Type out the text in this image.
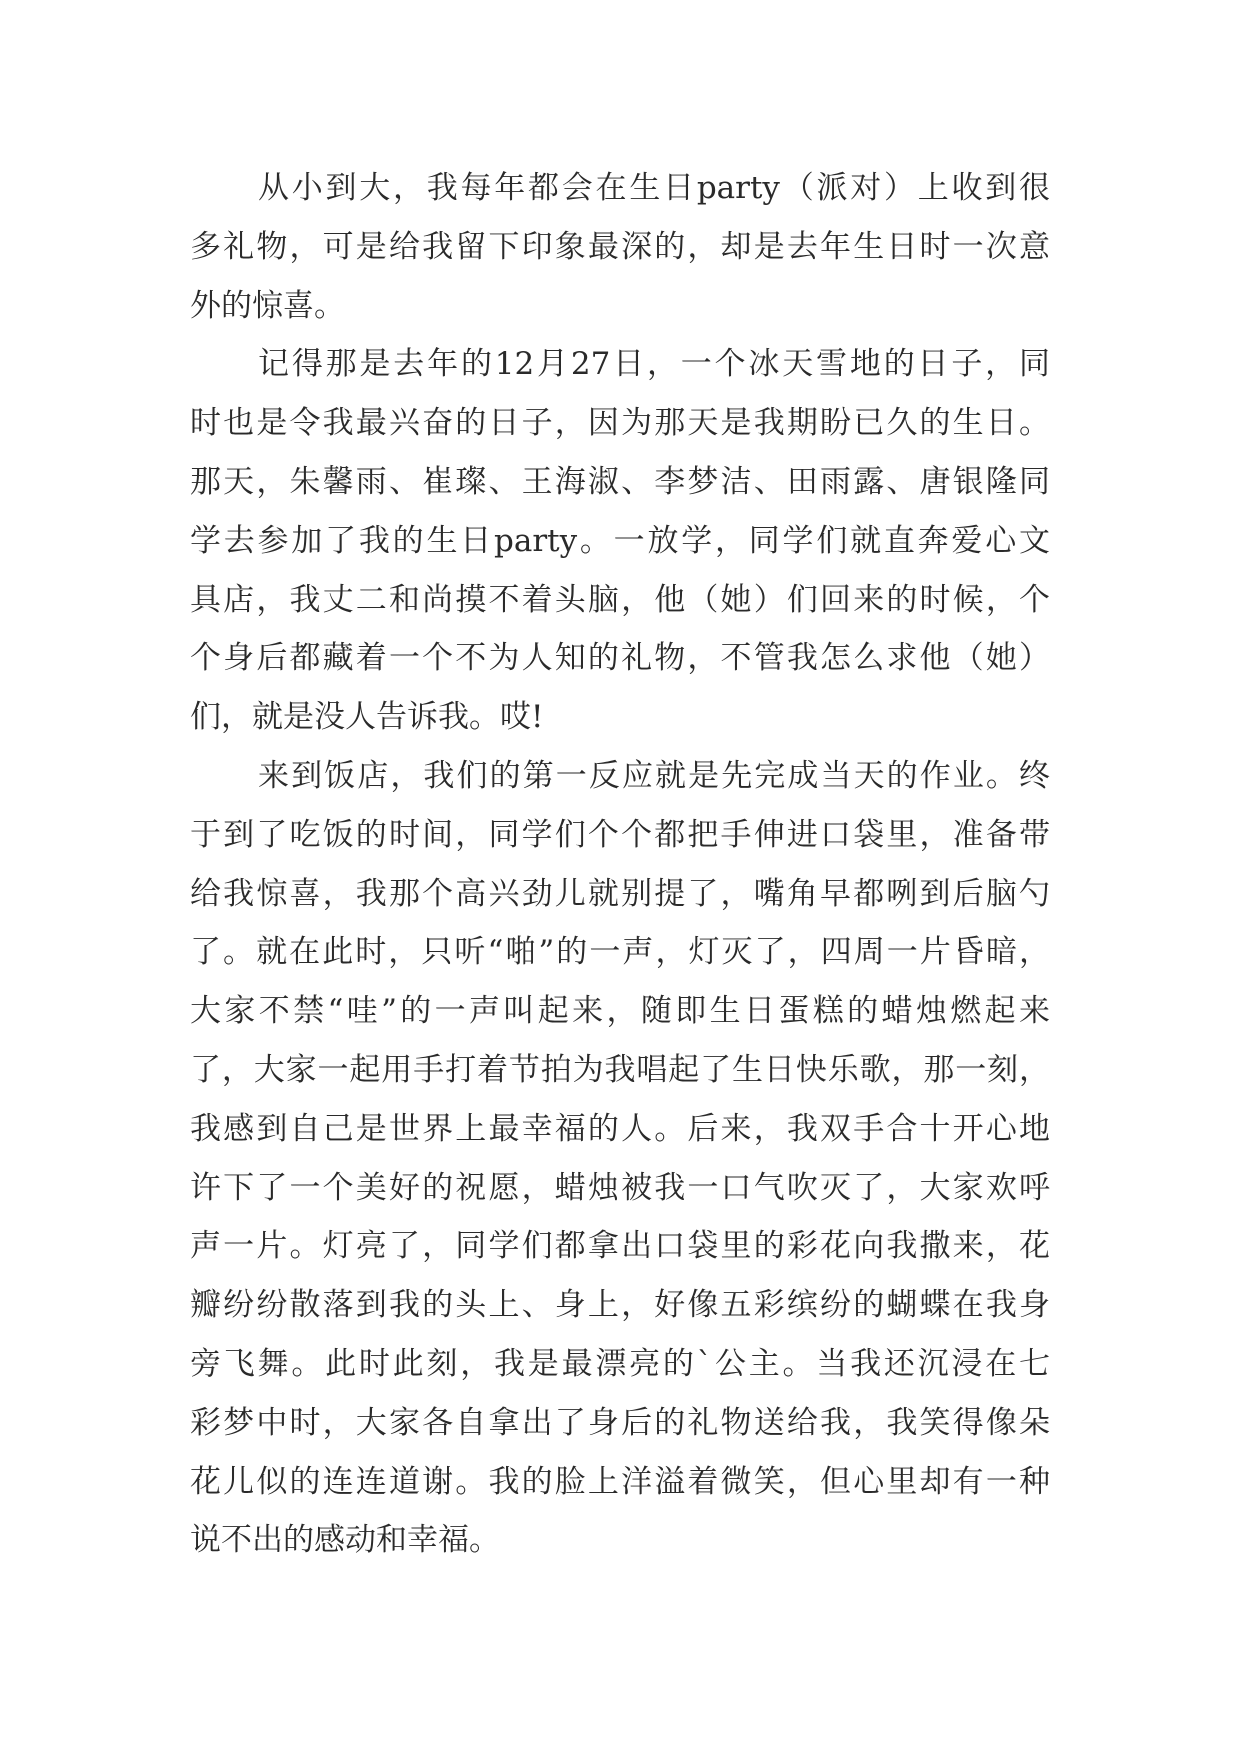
从小到大，我每年都会在生日party（派对）上收到很
多礼物，可是给我留下印象最深的，却是去年生日时一次意
外的惊喜。
记得那是去年的12月27日，一个冰天雪地的日子，同
时也是令我最兴奋的日子，因为那天是我期盼已久的生日。
那天，朱馨雨、崔璨、王海淑、李梦洁、田雨露、唐银隆同
学去参加了我的生日party。一放学，同学们就直奔爱心文
具店，我丈二和尚摸不着头脑，他（她）们回来的时候，个
个身后都藏着一个不为人知的礼物，不管我怎么求他（她）
们，就是没人告诉我。哎!
来到饭店，我们的第一反应就是先完成当天的作业。终
于到了吃饭的时间，同学们个个都把手伸进口袋里，准备带
给我惊喜，我那个高兴劲儿就别提了，嘴角早都咧到后脑勺
了。就在此时，只听“啪”的一声，灯灭了，四周一片昏暗，
大家不禁“哇”的一声叫起来，随即生日蛋糕的蜡烛燃起来
了，大家一起用手打着节拍为我唱起了生日快乐歌，那一刻，
我感到自己是世界上最幸福的人。后来，我双手合十开心地
许下了一个美好的祝愿，蜡烛被我一口气吹灭了，大家欢呼
声一片。灯亮了，同学们都拿出口袋里的彩花向我撒来，花
瓣纷纷散落到我的头上、身上，好像五彩缤纷的蝴蝶在我身
旁飞舞。此时此刻，我是最漂亮的`公主。当我还沉浸在七
彩梦中时，大家各自拿出了身后的礼物送给我，我笑得像朵
花儿似的连连道谢。我的脸上洋溢着微笑，但心里却有一种
说不出的感动和幸福。
